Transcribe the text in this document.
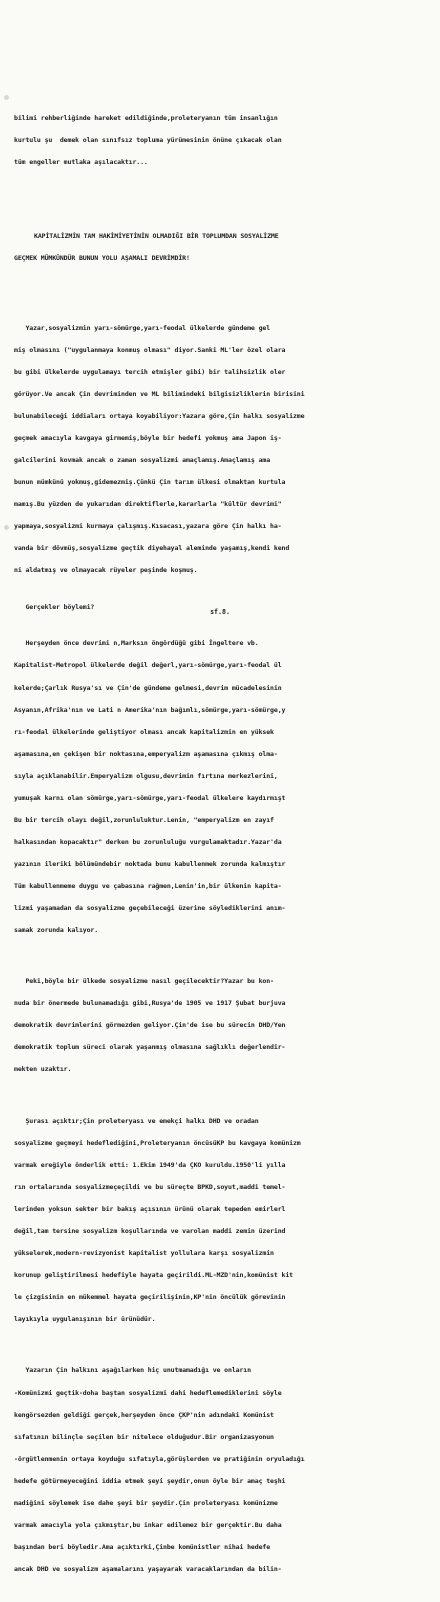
bilimi rehberliğinde hareket edildiğinde,proleteryanın tüm insanlığın

kurtulu şu  demek olan sınıfsız topluma yürümesinin önüne çıkacak olan

tüm engeller mutlaka aşılacaktır...

KAPİTALİZMİN TAM HAKİMİYETİNİN OLMADIĞI BİR TOPLUMDAN SOSYALİZME

GEÇMEK MÜMKÜNDÜR BUNUN YOLU AŞAMALI DEVRİMDİR!

Yazar,sosyalizmin yarı-sömürge,yarı-feodal ülkelerde gündeme gel

miş olmasını ("uygulanmaya konmuş olması" diyor.Sanki ML'ler özel olara

bu gibi ülkelerde uygulamayı tercih etmişler gibi) bir talihsizlik oler

görüyor.Ve ancak Çin devriminden ve ML bilimindeki bilgisizliklerin birisini

bulunabileceği iddiaları ortaya koyabiliyor:Yazara göre,Çin halkı sosyalizme

geçmek amacıyla kavgaya girmemiş,böyle bir hedefi yokmuş ama Japon iş-

galcilerini kovmak ancak o zaman sosyalizmi amaçlamış.Amaçlamış ama

bunun mümkünü yokmuş,gidemezmiş.Çünkü Çin tarım ülkesi olmaktan kurtula

mamış.Bu yüzden de yukarıdan direktiflerle,kararlarla "kültür devrimi"

yapmaya,sosyalizmi kurmaya çalışmış.Kısacası,yazara göre Çin halkı ha-

vanda bir dövmüş,sosyalizme geçtik diyehayal aleminde yaşamış,kendi kend

ni aldatmış ve olmayacak rüyeler peşinde koşmuş.

Gerçekler böylemi?

Herşeyden önce devrimi n,Marksın öngördüğü gibi İngeltere vb.

Kapitalist-Metropol ülkelerde değil değerl,yarı-sömürge,yarı-feodal ül

kelerde;Çarlık Rusya'sı ve Çin'de gündeme gelmesi,devrim mücadelesinin

Asyanın,Afrika'nın ve Lati n Amerika'nın bağımlı,sömürge,yarı-sömürge,y

rı-feodal ülkelerinde geliştiyor olması ancak kapitalizmin en yüksek

aşamasına,en çekişen bir noktasına,emperyalizm aşamasına çıkmış olma-

sıyla açıklanabilir.Emperyalizm olgusu,devrimin fırtına merkezlerini,

yumuşak karnı olan sömürge,yarı-sömürge,yarı-feodal ülkelere kaydırmışt

Bu bir tercih olayı değil,zorunluluktur.Lenin, "emperyalizm en zayıf

halkasından kopacaktır" derken bu zorunluluğu vurgulamaktadır.Yazar'da

yazının ileriki bölümündebir noktada bunu kabullenmek zorunda kalmıştır

Tüm kabullenmeme duygu ve çabasına rağmen,Lenin'in,bir ülkenin kapita-

lizmi yaşamadan da sosyalizme geçebileceği üzerine söylediklerini anım-

samak zorunda kalıyor.

Peki,böyle bir ülkede sosyalizme nasıl geçilecektir?Yazar bu kon-

nuda bir önermede bulunamadığı gibi,Rusya'de 1905 ve 1917 Şubat burjuva

demokratik devrimlerini görmezden geliyor.Çin'de ise bu sürecin DHD/Yen

demokratik toplum süreci olarak yaşanmış olmasına sağlıklı değerlendir-

mekten uzaktır.

Şurası açıktır;Çin proleteryası ve emekçi halkı DHD ve oradan

sosyalizme geçmeyi hedeflediğini,Proleteryanın öncüsüKP bu kavgaya komünizm

varmak ereğiyle önderlik etti: 1.Ekim 1949'da ÇKO kuruldu.1950'li yılla

rın ortalarında sosyalizmeçeçildi ve bu süreçte BPKD,soyut,maddi temel-

lerinden yoksun sekter bir bakış açısının ürünü olarak tepeden emirlerl

değil,tam tersine sosyalizm koşullarında ve varolan maddi zemin üzerind

yükselerek,modern-revizyonist kapitalist yollulara karşı sosyalizmin

korunup geliştirilmesi hedefiyle hayata geçirildi.ML-MZD'nin,komünist kit

le çizgisinin en mükemmel hayata geçirilişinin,KP'nin öncülük görevinin

layıkıyla uygulanışının bir ürünüdür.

Yazarın Çin halkını aşağılarken hiç unutmamadığı ve onların

-Komünizmi geçtik-doha baştan sosyalizmi dahi hedeflemediklerini söyle

kengörsezden geldiği gerçek,herşeyden önce ÇKP'nin adındaki Komünist

sıfatının bilinçle seçilen bir nitelece olduğudur.Bir organizasyonun

-örgütlenmenin ortaya koyduğu sıfatıyla,görüşlerden ve pratiğinin oryuladığı

hedefe götürmeyeceğini iddia etmek şeyi şeydir,onun öyle bir amaç teşhi

madiğini söylemek ise dahe şeyi bir şeydir.Çin proleteryası komünizme

varmak amacıyla yola çıkmıştır,bu inkar edilemez bir gerçektir.Bu daha

başından beri böyledir.Ama açıktırki,Çinbe komünistler nihai hedefe

ancak DHD ve sosyalizm aşamalarını yaşayarak varacaklarından da bilin-

sf.8.
